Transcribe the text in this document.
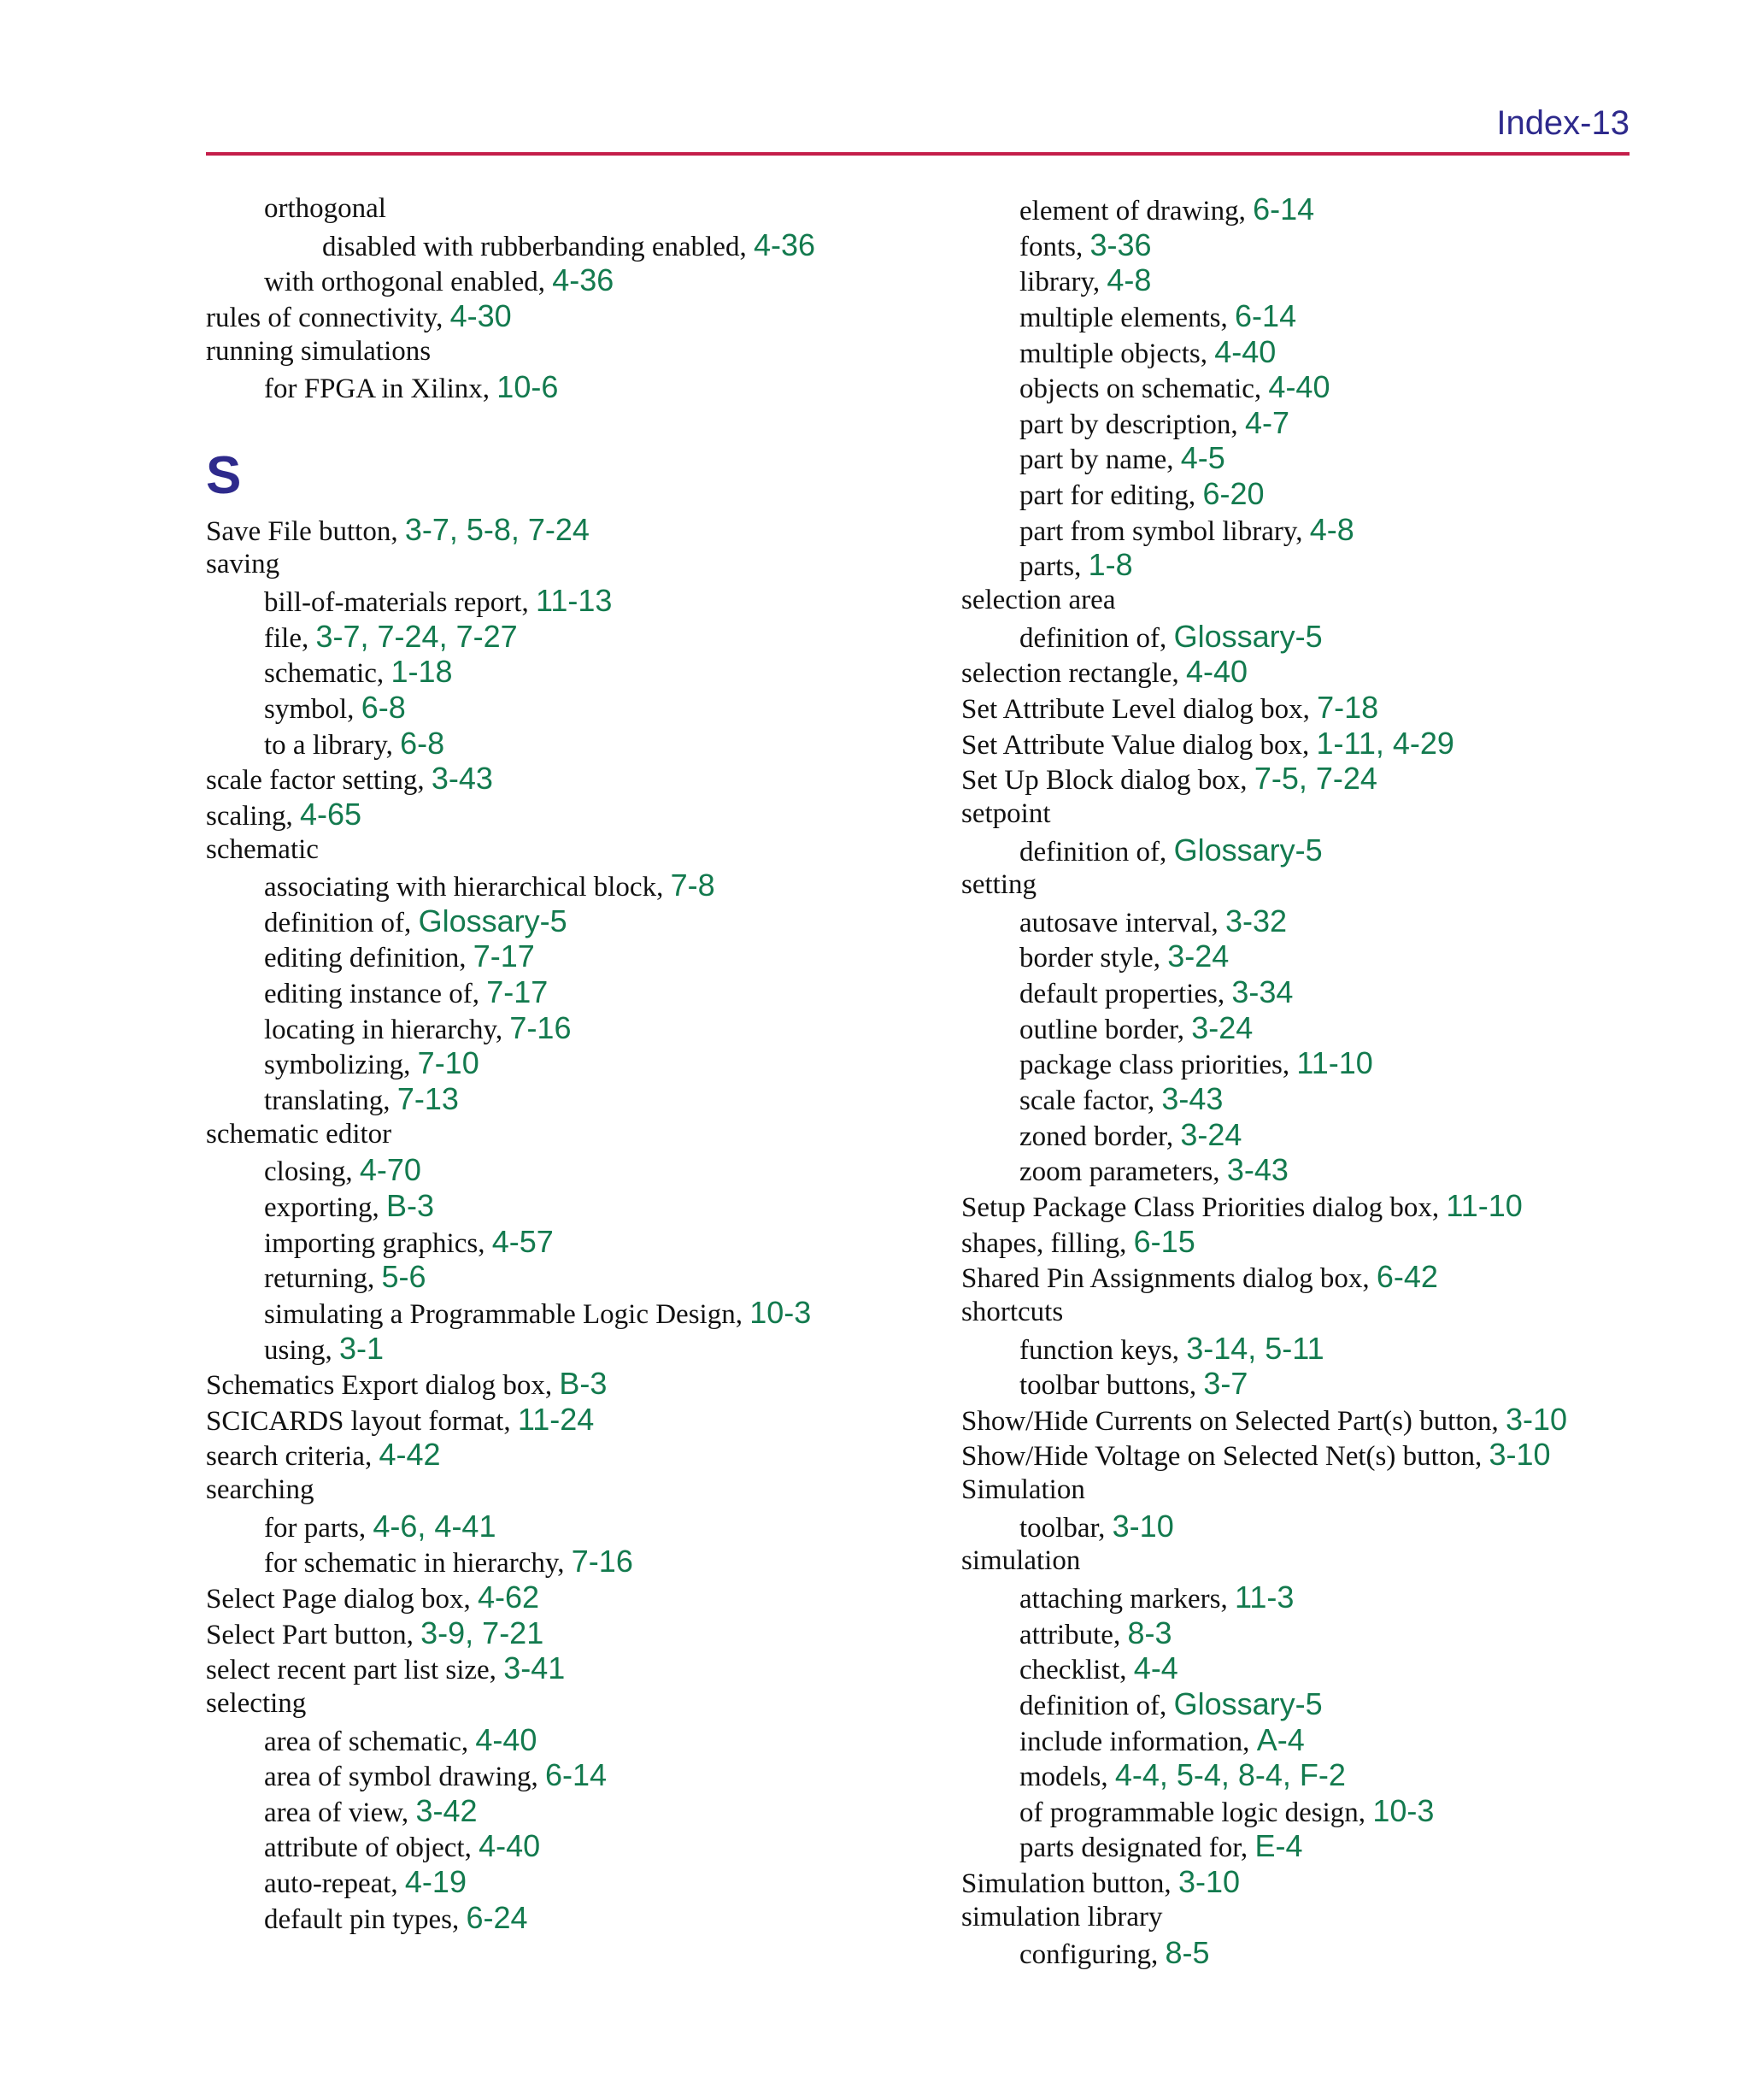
Index-13
orthogonal
disabled with rubberbanding enabled, 4-36
with orthogonal enabled, 4-36
rules of connectivity, 4-30
running simulations
for FPGA in Xilinx, 10-6
S
Save File button, 3-7, 5-8, 7-24
saving
bill-of-materials report, 11-13
file, 3-7, 7-24, 7-27
schematic, 1-18
symbol, 6-8
to a library, 6-8
scale factor setting, 3-43
scaling, 4-65
schematic
associating with hierarchical block, 7-8
definition of, Glossary-5
editing definition, 7-17
editing instance of, 7-17
locating in hierarchy, 7-16
symbolizing, 7-10
translating, 7-13
schematic editor
closing, 4-70
exporting, B-3
importing graphics, 4-57
returning, 5-6
simulating a Programmable Logic Design, 10-3
using, 3-1
Schematics Export dialog box, B-3
SCICARDS layout format, 11-24
search criteria, 4-42
searching
for parts, 4-6, 4-41
for schematic in hierarchy, 7-16
Select Page dialog box, 4-62
Select Part button, 3-9, 7-21
select recent part list size, 3-41
selecting
area of schematic, 4-40
area of symbol drawing, 6-14
area of view, 3-42
attribute of object, 4-40
auto-repeat, 4-19
default pin types, 6-24
element of drawing, 6-14
fonts, 3-36
library, 4-8
multiple elements, 6-14
multiple objects, 4-40
objects on schematic, 4-40
part by description, 4-7
part by name, 4-5
part for editing, 6-20
part from symbol library, 4-8
parts, 1-8
selection area
definition of, Glossary-5
selection rectangle, 4-40
Set Attribute Level dialog box, 7-18
Set Attribute Value dialog box, 1-11, 4-29
Set Up Block dialog box, 7-5, 7-24
setpoint
definition of, Glossary-5
setting
autosave interval, 3-32
border style, 3-24
default properties, 3-34
outline border, 3-24
package class priorities, 11-10
scale factor, 3-43
zoned border, 3-24
zoom parameters, 3-43
Setup Package Class Priorities dialog box, 11-10
shapes, filling, 6-15
Shared Pin Assignments dialog box, 6-42
shortcuts
function keys, 3-14, 5-11
toolbar buttons, 3-7
Show/Hide Currents on Selected Part(s) button, 3-10
Show/Hide Voltage on Selected Net(s) button, 3-10
Simulation
toolbar, 3-10
simulation
attaching markers, 11-3
attribute, 8-3
checklist, 4-4
definition of, Glossary-5
include information, A-4
models, 4-4, 5-4, 8-4, F-2
of programmable logic design, 10-3
parts designated for, E-4
Simulation button, 3-10
simulation library
configuring, 8-5
